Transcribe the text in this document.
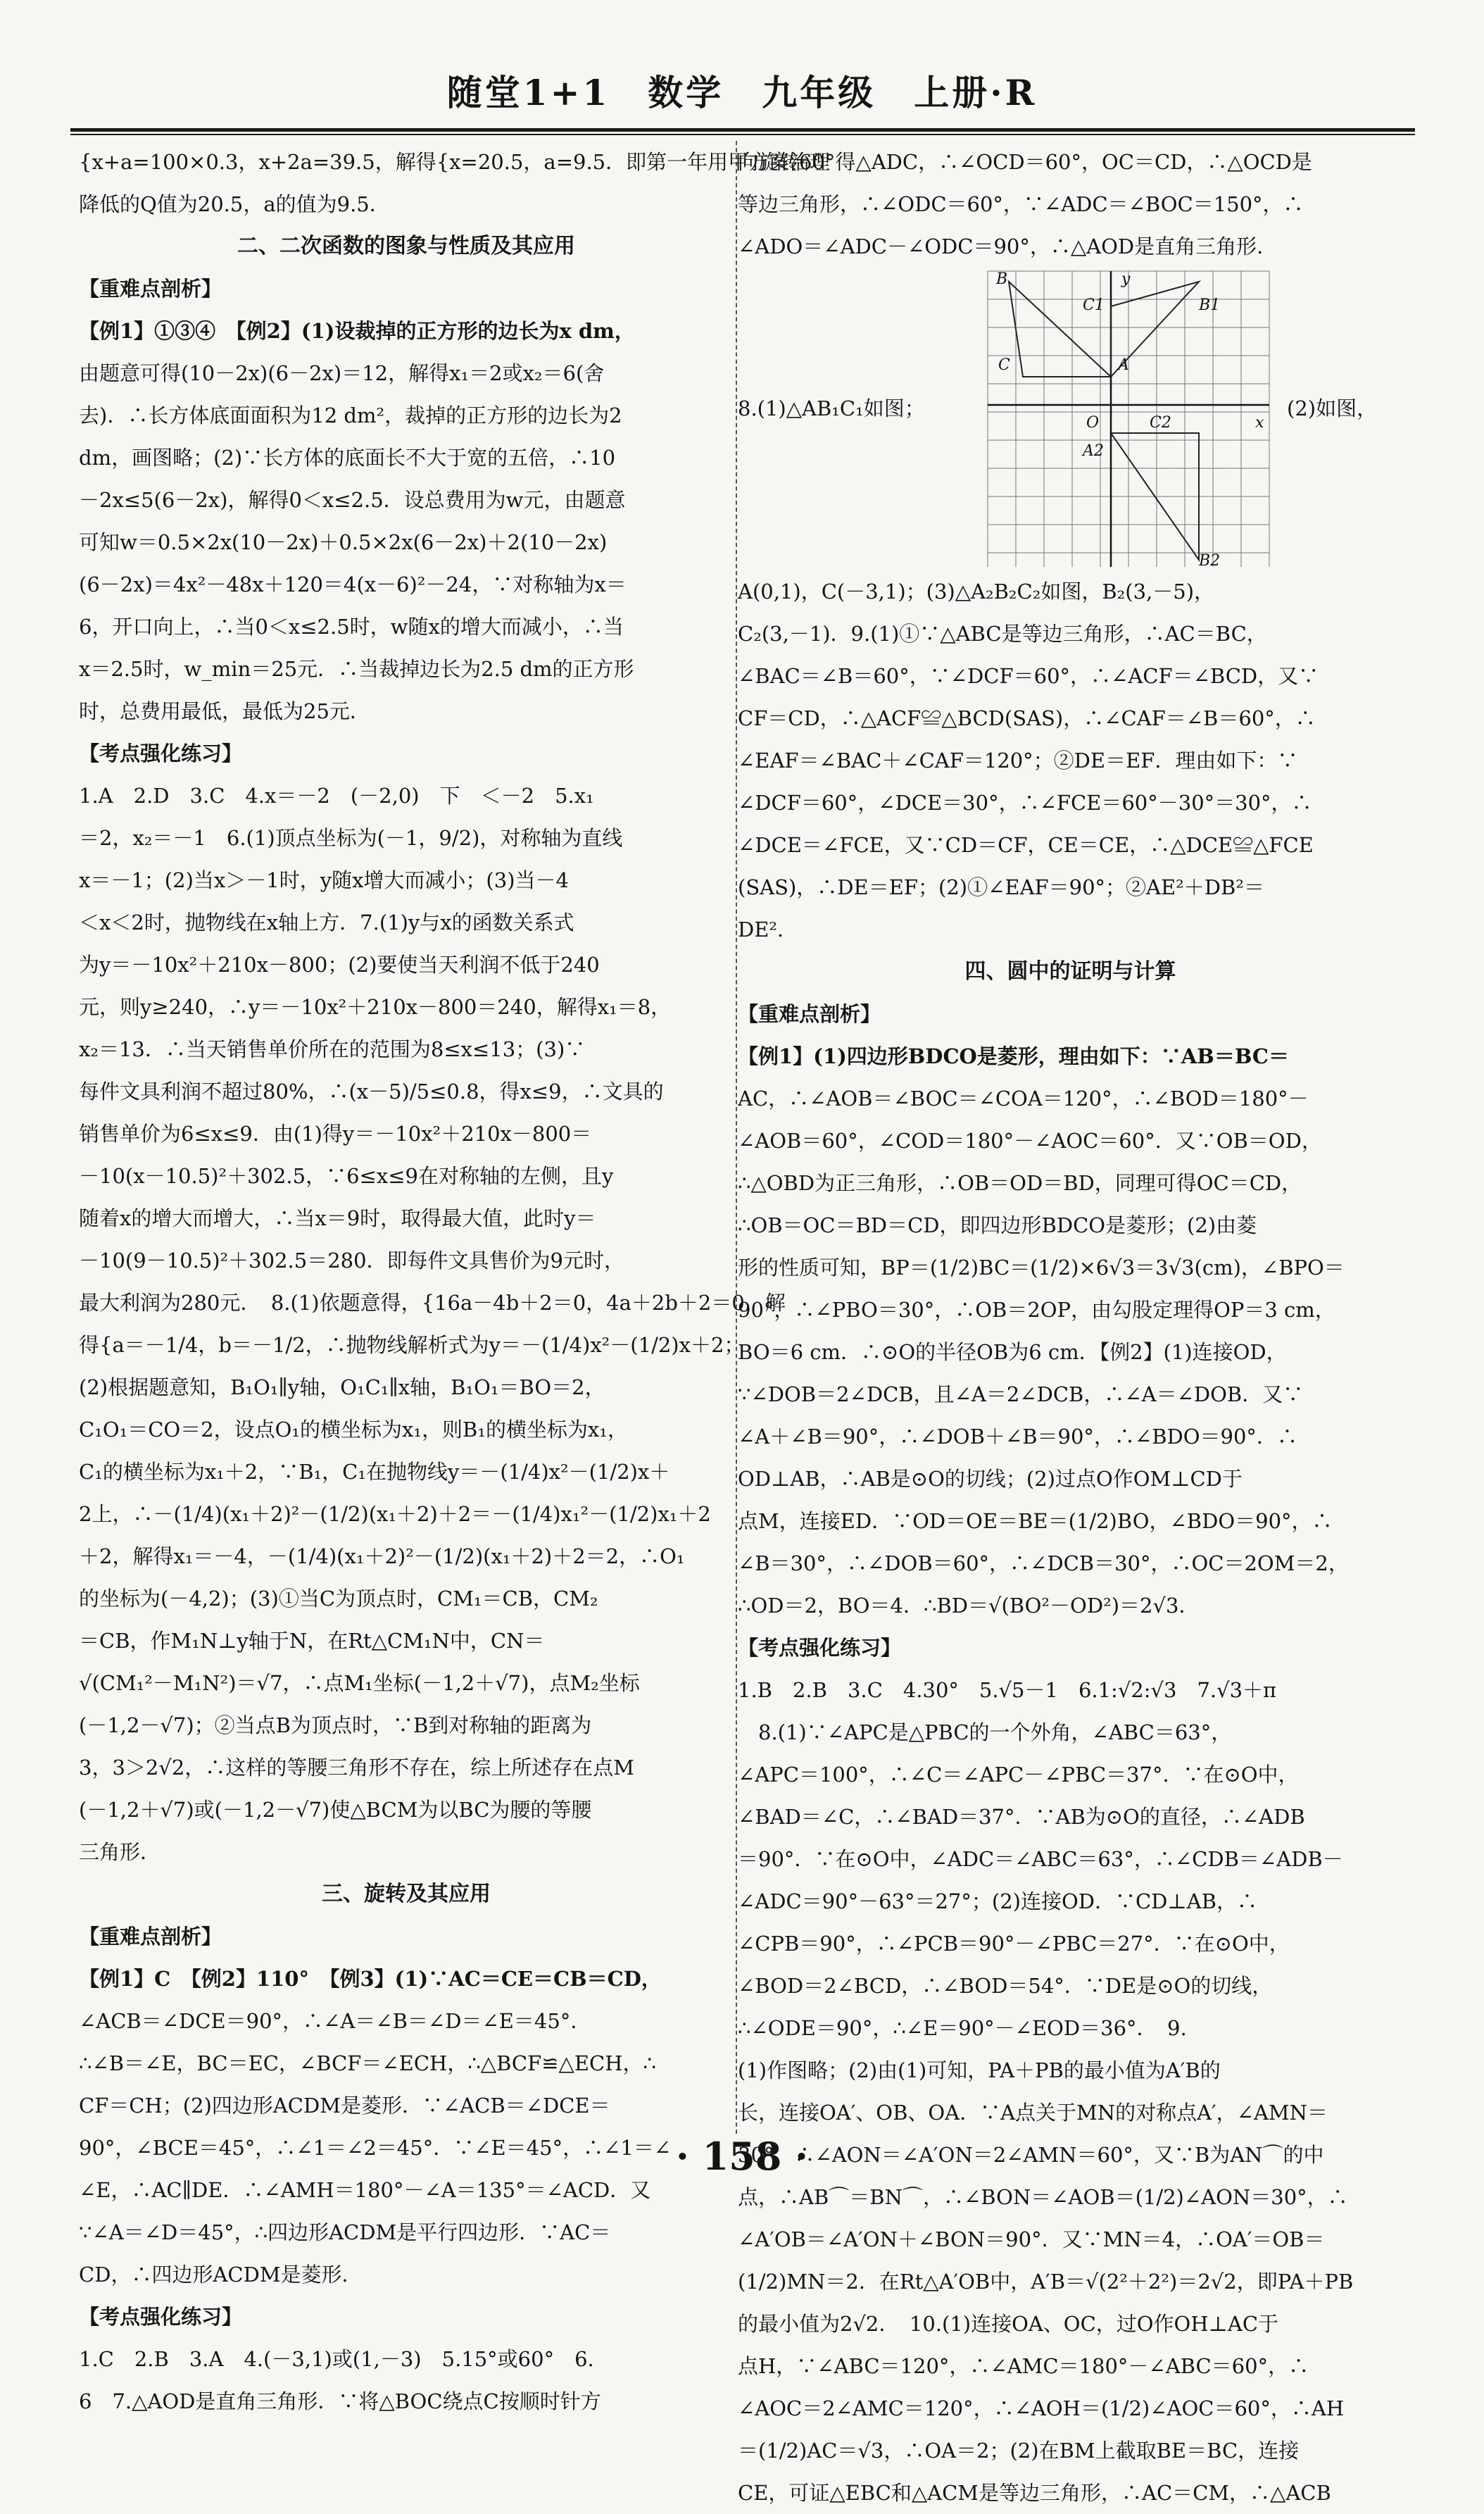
随堂1+1　数学　九年级　上册·R
{x+a=100×0.3，x+2a=39.5，解得{x=20.5，a=9.5．即第一年用甲方案治理
降低的Q值为20.5，a的值为9.5．
二、二次函数的图象与性质及其应用
【重难点剖析】
【例1】①③④　【例2】(1)设裁掉的正方形的边长为x dm，
由题意可得(10－2x)(6－2x)＝12，解得x₁＝2或x₂＝6(舍
去)．∴长方体底面面积为12 dm²，裁掉的正方形的边长为2
dm，画图略；(2)∵长方体的底面长不大于宽的五倍，∴10
－2x≤5(6－2x)，解得0＜x≤2.5．设总费用为w元，由题意
可知w＝0.5×2x(10－2x)＋0.5×2x(6－2x)＋2(10－2x)
(6－2x)＝4x²－48x＋120＝4(x－6)²－24，∵对称轴为x＝
6，开口向上，∴当0＜x≤2.5时，w随x的增大而减小，∴当
x＝2.5时，w_min＝25元．∴当裁掉边长为2.5 dm的正方形
时，总费用最低，最低为25元．
【考点强化练习】
1.A　2.D　3.C　4.x＝－2　(－2,0)　下　＜－2　5.x₁
＝2，x₂＝－1　6.(1)顶点坐标为(－1，9/2)，对称轴为直线
x＝－1；(2)当x＞－1时，y随x增大而减小；(3)当－4
＜x＜2时，抛物线在x轴上方．7.(1)y与x的函数关系式
为y＝－10x²＋210x－800；(2)要使当天利润不低于240
元，则y≥240，∴y＝－10x²＋210x－800＝240，解得x₁＝8，
x₂＝13．∴当天销售单价所在的范围为8≤x≤13；(3)∵
每件文具利润不超过80%，∴(x－5)/5≤0.8，得x≤9，∴文具的
销售单价为6≤x≤9．由(1)得y＝－10x²＋210x－800＝
－10(x－10.5)²＋302.5，∵6≤x≤9在对称轴的左侧，且y
随着x的增大而增大，∴当x＝9时，取得最大值，此时y＝
－10(9－10.5)²＋302.5＝280．即每件文具售价为9元时，
最大利润为280元．　8.(1)依题意得，{16a－4b＋2＝0，4a＋2b＋2＝0，解
得{a＝－1/4，b＝－1/2，∴抛物线解析式为y＝－(1/4)x²－(1/2)x＋2；
(2)根据题意知，B₁O₁∥y轴，O₁C₁∥x轴，B₁O₁＝BO＝2，
C₁O₁＝CO＝2，设点O₁的横坐标为x₁，则B₁的横坐标为x₁，
C₁的横坐标为x₁＋2，∵B₁，C₁在抛物线y＝－(1/4)x²－(1/2)x＋
2上，∴－(1/4)(x₁＋2)²－(1/2)(x₁＋2)＋2＝－(1/4)x₁²－(1/2)x₁＋2
＋2，解得x₁＝－4，－(1/4)(x₁＋2)²－(1/2)(x₁＋2)＋2＝2，∴O₁
的坐标为(－4,2)；(3)①当C为顶点时，CM₁＝CB，CM₂
＝CB，作M₁N⊥y轴于N，在Rt△CM₁N中，CN＝
√(CM₁²－M₁N²)＝√7，∴点M₁坐标(－1,2＋√7)，点M₂坐标
(－1,2－√7)；②当点B为顶点时，∵B到对称轴的距离为
3，3＞2√2，∴这样的等腰三角形不存在，综上所述存在点M
(－1,2＋√7)或(－1,2－√7)使△BCM为以BC为腰的等腰
三角形．
三、旋转及其应用
【重难点剖析】
【例1】C　【例2】110°　【例3】(1)∵AC＝CE＝CB＝CD，
∠ACB＝∠DCE＝90°，∴∠A＝∠B＝∠D＝∠E＝45°．
∴∠B＝∠E，BC＝EC，∠BCF＝∠ECH，∴△BCF≌△ECH，∴
CF＝CH；(2)四边形ACDM是菱形．∵∠ACB＝∠DCE＝
90°，∠BCE＝45°，∴∠1＝∠2＝45°．∵∠E＝45°，∴∠1＝∠
∠E，∴AC∥DE．∴∠AMH＝180°－∠A＝135°＝∠ACD．又
∵∠A＝∠D＝45°，∴四边形ACDM是平行四边形．∵AC＝
CD，∴四边形ACDM是菱形．
【考点强化练习】
1.C　2.B　3.A　4.(－3,1)或(1,－3)　5.15°或60°　6.
6　7.△AOD是直角三角形．∵将△BOC绕点C按顺时针方
向旋转60°得△ADC，∴∠OCD＝60°，OC＝CD，∴△OCD是
等边三角形，∴∠ODC＝60°，∵∠ADC＝∠BOC＝150°，∴
∠ADO＝∠ADC－∠ODC＝90°，∴△AOD是直角三角形．
8.(1)△AB₁C₁如图；
B	y
C1	B1
C	A
O	C2	x
A2
B2
(2)如图，
A(0,1)，C(－3,1)；(3)△A₂B₂C₂如图，B₂(3,－5)，
C₂(3,－1)．9.(1)①∵△ABC是等边三角形，∴AC＝BC，
∠BAC＝∠B＝60°，∵∠DCF＝60°，∴∠ACF＝∠BCD，又∵
CF＝CD，∴△ACF≌△BCD(SAS)，∴∠CAF＝∠B＝60°，∴
∠EAF＝∠BAC＋∠CAF＝120°；②DE＝EF．理由如下：∵
∠DCF＝60°，∠DCE＝30°，∴∠FCE＝60°－30°＝30°，∴
∠DCE＝∠FCE，又∵CD＝CF，CE＝CE，∴△DCE≌△FCE
(SAS)，∴DE＝EF；(2)①∠EAF＝90°；②AE²＋DB²＝
DE²．
四、圆中的证明与计算
【重难点剖析】
【例1】(1)四边形BDCO是菱形，理由如下：∵AB＝BC＝
AC，∴∠AOB＝∠BOC＝∠COA＝120°，∴∠BOD＝180°－
∠AOB＝60°，∠COD＝180°－∠AOC＝60°．又∵OB＝OD，
∴△OBD为正三角形，∴OB＝OD＝BD，同理可得OC＝CD，
∴OB＝OC＝BD＝CD，即四边形BDCO是菱形；(2)由菱
形的性质可知，BP＝(1/2)BC＝(1/2)×6√3＝3√3(cm)，∠BPO＝
90°，∴∠PBO＝30°，∴OB＝2OP，由勾股定理得OP＝3 cm，
BO＝6 cm．∴⊙O的半径OB为6 cm．【例2】(1)连接OD，
∵∠DOB＝2∠DCB，且∠A＝2∠DCB，∴∠A＝∠DOB．又∵
∠A＋∠B＝90°，∴∠DOB＋∠B＝90°，∴∠BDO＝90°．∴
OD⊥AB，∴AB是⊙O的切线；(2)过点O作OM⊥CD于
点M，连接ED．∵OD＝OE＝BE＝(1/2)BO，∠BDO＝90°，∴
∠B＝30°，∴∠DOB＝60°，∴∠DCB＝30°，∴OC＝2OM＝2，
∴OD＝2，BO＝4．∴BD＝√(BO²－OD²)＝2√3．
【考点强化练习】
1.B　2.B　3.C　4.30°　5.√5－1　6.1:√2:√3　7.√3＋π
　8.(1)∵∠APC是△PBC的一个外角，∠ABC＝63°，
∠APC＝100°，∴∠C＝∠APC－∠PBC＝37°．∵在⊙O中，
∠BAD＝∠C，∴∠BAD＝37°．∵AB为⊙O的直径，∴∠ADB
＝90°．∵在⊙O中，∠ADC＝∠ABC＝63°，∴∠CDB＝∠ADB－
∠ADC＝90°－63°＝27°；(2)连接OD．∵CD⊥AB，∴
∠CPB＝90°，∴∠PCB＝90°－∠PBC＝27°．∵在⊙O中，
∠BOD＝2∠BCD，∴∠BOD＝54°．∵DE是⊙O的切线，
∴∠ODE＝90°，∴∠E＝90°－∠EOD＝36°．　9.
(1)作图略；(2)由(1)可知，PA＋PB的最小值为A′B的
长，连接OA′、OB、OA．∵A点关于MN的对称点A′，∠AMN＝
30°，∴∠AON＝∠A′ON＝2∠AMN＝60°，又∵B为AN⌒的中
点，∴AB⌒＝BN⌒，∴∠BON＝∠AOB＝(1/2)∠AON＝30°，∴
∠A′OB＝∠A′ON＋∠BON＝90°．又∵MN＝4，∴OA′＝OB＝
(1/2)MN＝2．在Rt△A′OB中，A′B＝√(2²＋2²)＝2√2，即PA＋PB
的最小值为2√2．　10.(1)连接OA、OC，过O作OH⊥AC于
点H，∵∠ABC＝120°，∴∠AMC＝180°－∠ABC＝60°，∴
∠AOC＝2∠AMC＝120°，∴∠AOH＝(1/2)∠AOC＝60°，∴AH
＝(1/2)AC＝√3，∴OA＝2；(2)在BM上截取BE＝BC，连接
CE，可证△EBC和△ACM是等边三角形，∴AC＝CM，∴△ACB
· 158 ·
